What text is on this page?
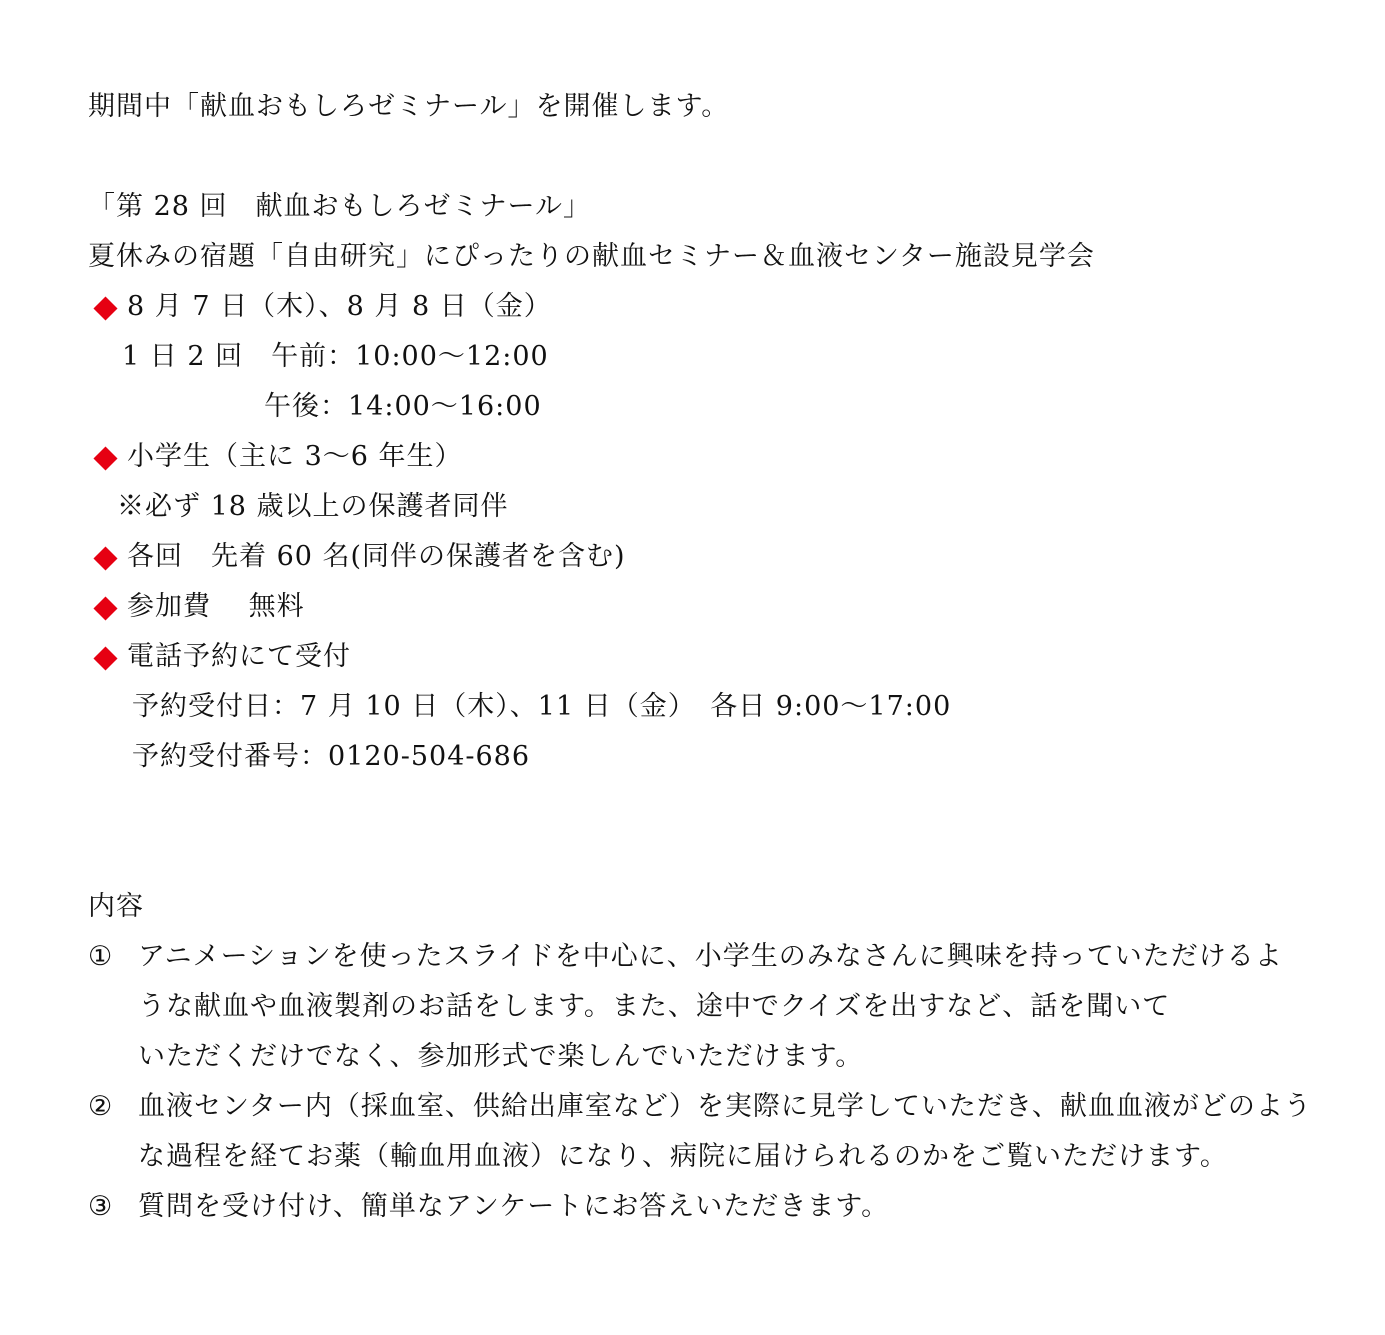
期間中「献血おもしろゼミナール」を開催します。
「第 28 回　献血おもしろゼミナール」
夏休みの宿題「自由研究」にぴったりの献血セミナー＆血液センター施設見学会
8 月 7 日（木）、8 月 8 日（金）
1 日 2 回　午前：10:00～12:00
午後：14:00～16:00
小学生（主に 3～6 年生）
※必ず 18 歳以上の保護者同伴
各回　先着 60 名(同伴の保護者を含む)
参加費　 無料
電話予約にて受付
予約受付日：7 月 10 日（木）、11 日（金）　各日 9:00～17:00
予約受付番号：0120-504-686
内容
① アニメーションを使ったスライドを中心に、小学生のみなさんに興味を持っていただけるよ
うな献血や血液製剤のお話をします。また、途中でクイズを出すなど、話を聞いて
いただくだけでなく、参加形式で楽しんでいただけます。
② 血液センター内（採血室、供給出庫室など）を実際に見学していただき、献血血液がどのよう
な過程を経てお薬（輸血用血液）になり、病院に届けられるのかをご覧いただけます。
③ 質問を受け付け、簡単なアンケートにお答えいただきます。
